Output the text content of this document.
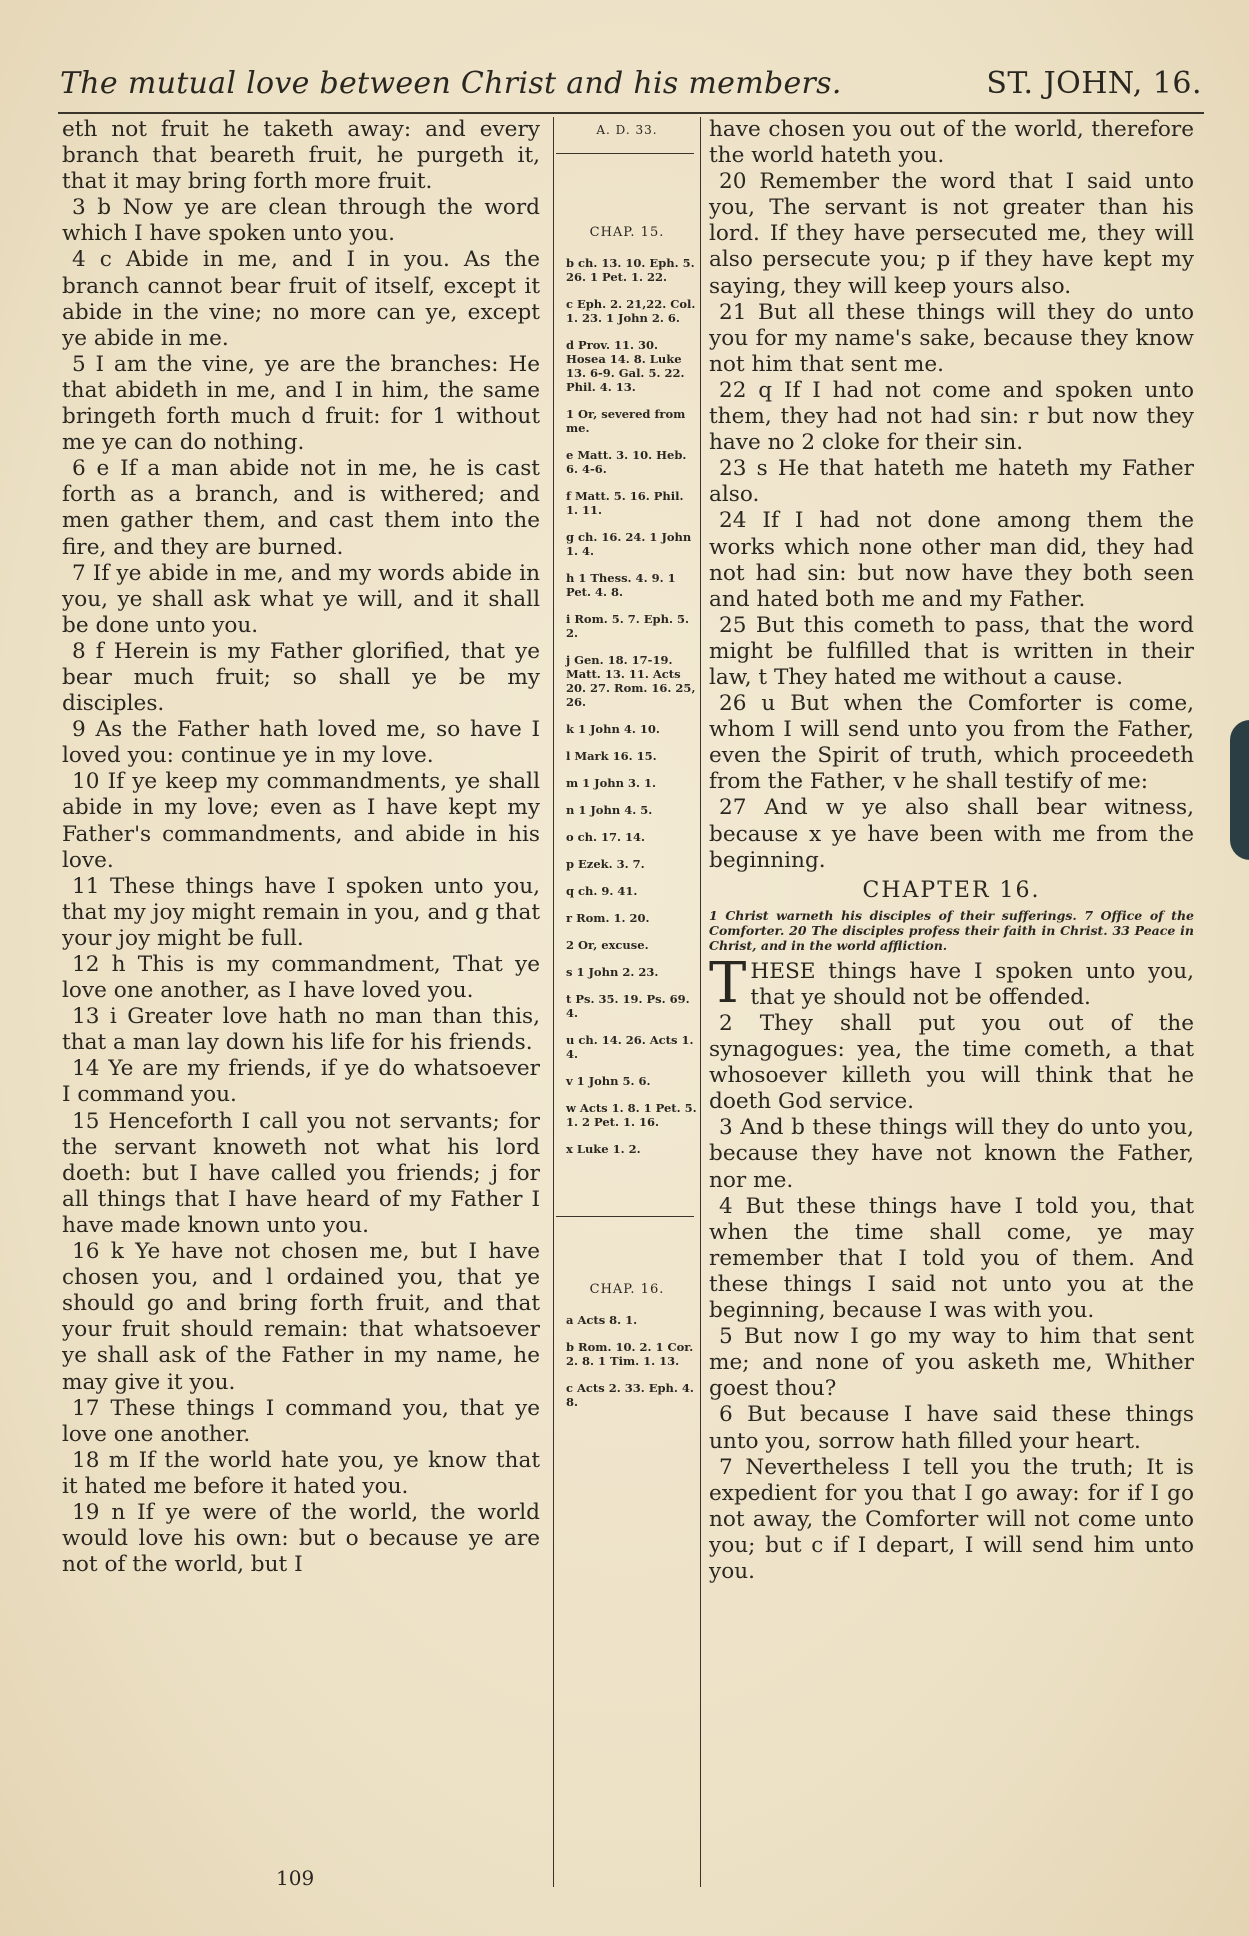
The mutual love between Christ and his members.	ST. JOHN, 16.

eth not fruit he taketh away: and every branch that beareth fruit, he purgeth it, that it may bring forth more fruit.

3 b Now ye are clean through the word which I have spoken unto you.

4 c Abide in me, and I in you. As the branch cannot bear fruit of itself, except it abide in the vine; no more can ye, except ye abide in me.

5 I am the vine, ye are the branches: He that abideth in me, and I in him, the same bringeth forth much d fruit: for 1 without me ye can do nothing.

6 e If a man abide not in me, he is cast forth as a branch, and is withered; and men gather them, and cast them into the fire, and they are burned.

7 If ye abide in me, and my words abide in you, ye shall ask what ye will, and it shall be done unto you.

8 f Herein is my Father glorified, that ye bear much fruit; so shall ye be my disciples.

9 As the Father hath loved me, so have I loved you: continue ye in my love.

10 If ye keep my commandments, ye shall abide in my love; even as I have kept my Father's commandments, and abide in his love.

11 These things have I spoken unto you, that my joy might remain in you, and g that your joy might be full.

12 h This is my commandment, That ye love one another, as I have loved you.

13 i Greater love hath no man than this, that a man lay down his life for his friends.

14 Ye are my friends, if ye do whatsoever I command you.

15 Henceforth I call you not servants; for the servant knoweth not what his lord doeth: but I have called you friends; j for all things that I have heard of my Father I have made known unto you.

16 k Ye have not chosen me, but I have chosen you, and l ordained you, that ye should go and bring forth fruit, and that your fruit should remain: that whatsoever ye shall ask of the Father in my name, he may give it you.

17 These things I command you, that ye love one another.

18 m If the world hate you, ye know that it hated me before it hated you.

19 n If ye were of the world, the world would love his own: but o because ye are not of the world, but I

A. D. 33.
CHAP. 15.
b ch. 13. 10. Eph. 5. 26. 1 Pet. 1. 22.
c Eph. 2. 21,22. Col. 1. 23. 1 John 2. 6.
d Prov. 11. 30. Hosea 14. 8. Luke 13. 6-9. Gal. 5. 22. Phil. 4. 13.
1 Or, severed from me.
e Matt. 3. 10. Heb. 6. 4-6.
f Matt. 5. 16. Phil. 1. 11.
g ch. 16. 24. 1 John 1. 4.
h 1 Thess. 4. 9. 1 Pet. 4. 8.
i Rom. 5. 7. Eph. 5. 2.
j Gen. 18. 17-19. Matt. 13. 11. Acts 20. 27. Rom. 16. 25, 26.
k 1 John 4. 10.
l Mark 16. 15.
m 1 John 3. 1.
n 1 John 4. 5.
o ch. 17. 14.
p Ezek. 3. 7.
q ch. 9. 41.
r Rom. 1. 20.
2 Or, excuse.
s 1 John 2. 23.
t Ps. 35. 19. Ps. 69. 4.
u ch. 14. 26. Acts 1. 4.
v 1 John 5. 6.
w Acts 1. 8. 1 Pet. 5. 1. 2 Pet. 1. 16.
x Luke 1. 2.
CHAP. 16.
a Acts 8. 1.
b Rom. 10. 2. 1 Cor. 2. 8. 1 Tim. 1. 13.
c Acts 2. 33. Eph. 4. 8.

have chosen you out of the world, therefore the world hateth you.

20 Remember the word that I said unto you, The servant is not greater than his lord. If they have persecuted me, they will also persecute you; p if they have kept my saying, they will keep yours also.

21 But all these things will they do unto you for my name's sake, because they know not him that sent me.

22 q If I had not come and spoken unto them, they had not had sin: r but now they have no 2 cloke for their sin.

23 s He that hateth me hateth my Father also.

24 If I had not done among them the works which none other man did, they had not had sin: but now have they both seen and hated both me and my Father.

25 But this cometh to pass, that the word might be fulfilled that is written in their law, t They hated me without a cause.

26 u But when the Comforter is come, whom I will send unto you from the Father, even the Spirit of truth, which proceedeth from the Father, v he shall testify of me:

27 And w ye also shall bear witness, because x ye have been with me from the beginning.

CHAPTER 16.
1 Christ warneth his disciples of their sufferings. 7 Office of the Comforter. 20 The disciples profess their faith in Christ. 33 Peace in Christ, and in the world affliction.

THESE things have I spoken unto you, that ye should not be offended.

2 They shall put you out of the synagogues: yea, the time cometh, a that whosoever killeth you will think that he doeth God service.

3 And b these things will they do unto you, because they have not known the Father, nor me.

4 But these things have I told you, that when the time shall come, ye may remember that I told you of them. And these things I said not unto you at the beginning, because I was with you.

5 But now I go my way to him that sent me; and none of you asketh me, Whither goest thou?

6 But because I have said these things unto you, sorrow hath filled your heart.

7 Nevertheless I tell you the truth; It is expedient for you that I go away: for if I go not away, the Comforter will not come unto you; but c if I depart, I will send him unto you.

109
